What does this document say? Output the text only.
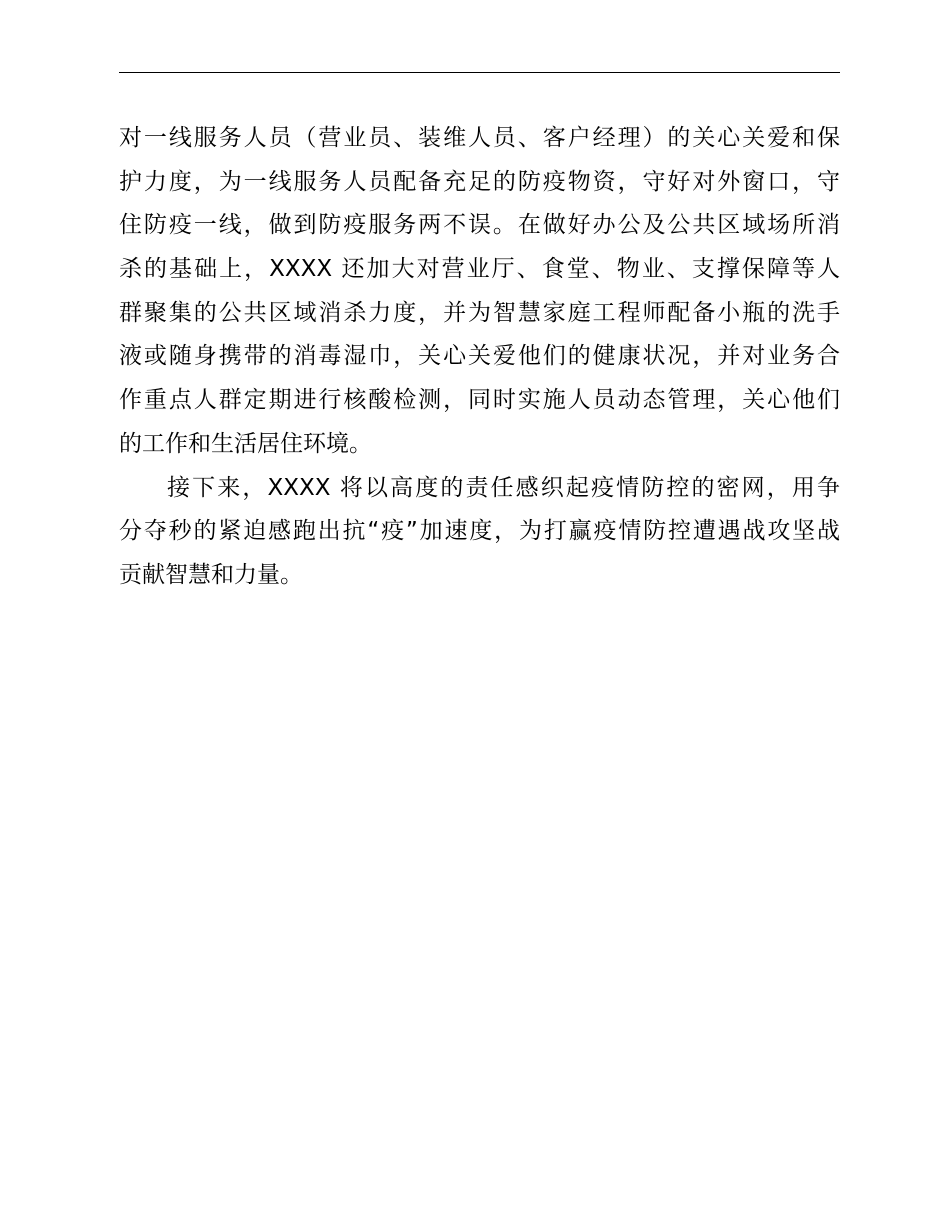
对一线服务人员（营业员、装维人员、客户经理）的关心关爱和保
护力度，为一线服务人员配备充足的防疫物资，守好对外窗口，守
住防疫一线，做到防疫服务两不误。在做好办公及公共区域场所消
杀的基础上，XXXX 还加大对营业厅、食堂、物业、支撑保障等人
群聚集的公共区域消杀力度，并为智慧家庭工程师配备小瓶的洗手
液或随身携带的消毒湿巾，关心关爱他们的健康状况，并对业务合
作重点人群定期进行核酸检测，同时实施人员动态管理，关心他们
的工作和生活居住环境。
接下来，XXXX 将以高度的责任感织起疫情防控的密网，用争
分夺秒的紧迫感跑出抗“疫”加速度，为打赢疫情防控遭遇战攻坚战
贡献智慧和力量。
